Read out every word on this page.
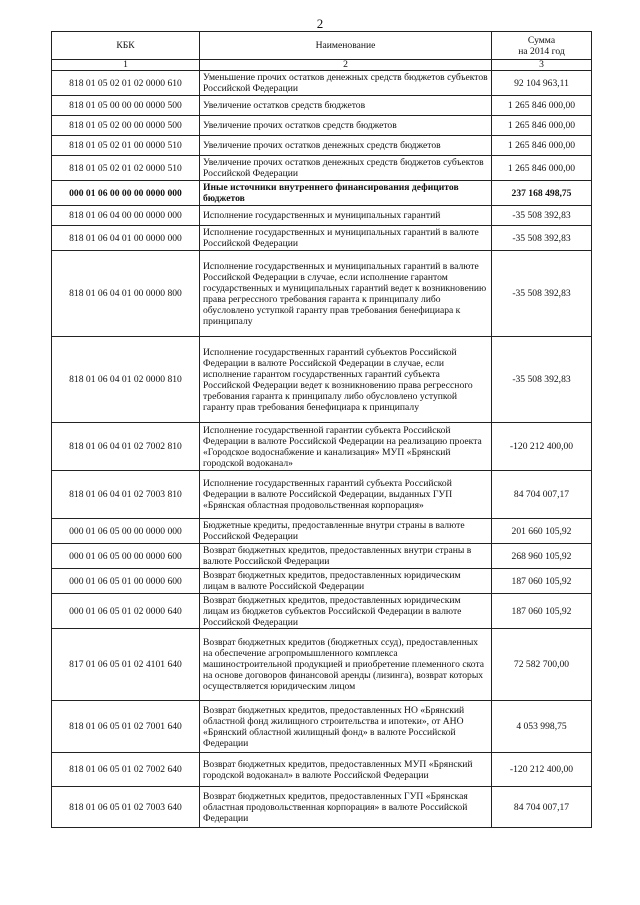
2
КБК	Наименование	Сумма
на 2014 год

1	2	3
818 01 05 02 01 02 0000 610	Уменьшение прочих остатков денежных средств бюджетов субъектов Российской Федерации	92 104 963,11
818 01 05 00 00 00 0000 500	Увеличение остатков средств бюджетов	1 265 846 000,00
818 01 05 02 00 00 0000 500	Увеличение прочих остатков средств бюджетов	1 265 846 000,00
818 01 05 02 01 00 0000 510	Увеличение прочих остатков денежных средств бюджетов	1 265 846 000,00
818 01 05 02 01 02 0000 510	Увеличение прочих остатков денежных средств бюджетов субъектов Российской Федерации	1 265 846 000,00
000 01 06 00 00 00 0000 000	Иные источники внутреннего финансирования дефицитов бюджетов	237 168 498,75
818 01 06 04 00 00 0000 000	Исполнение государственных и муниципальных гарантий	-35 508 392,83
818 01 06 04 01 00 0000 000	Исполнение государственных и муниципальных гарантий в валюте Российской Федерации	-35 508 392,83
818 01 06 04 01 00 0000 800	Исполнение государственных и муниципальных гарантий в валюте Российской Федерации в случае, если исполнение гарантом государственных и муниципальных гарантий ведет к возникновению права регрессного требования гаранта к принципалу либо обусловлено уступкой гаранту прав требования бенефициара к принципалу	-35 508 392,83
818 01 06 04 01 02 0000 810	Исполнение государственных гарантий субъектов Российской Федерации в валюте Российской Федерации в случае, если исполнение гарантом государственных гарантий субъекта Российской Федерации ведет к возникновению права регрессного требования гаранта к принципалу либо обусловлено уступкой гаранту прав требования бенефициара к принципалу	-35 508 392,83
818 01 06 04 01 02 7002 810	Исполнение государственной гарантии субъекта Российской Федерации в валюте Российской Федерации на реализацию проекта «Городское водоснабжение и канализация» МУП «Брянский городской водоканал»	-120 212 400,00
818 01 06 04 01 02 7003 810	Исполнение государственных гарантий субъекта Российской Федерации в валюте Российской Федерации, выданных ГУП «Брянская областная продовольственная корпорация»	84 704 007,17
000 01 06 05 00 00 0000 000	Бюджетные кредиты, предоставленные внутри страны в валюте Российской Федерации	201 660 105,92
000 01 06 05 00 00 0000 600	Возврат бюджетных кредитов, предоставленных внутри страны в валюте Российской Федерации	268 960 105,92
000 01 06 05 01 00 0000 600	Возврат бюджетных кредитов, предоставленных юридическим лицам в валюте Российской Федерации	187 060 105,92
000 01 06 05 01 02 0000 640	Возврат бюджетных кредитов, предоставленных юридическим лицам из бюджетов субъектов Российской Федерации в валюте Российской Федерации	187 060 105,92
817 01 06 05 01 02 4101 640	Возврат бюджетных кредитов (бюджетных ссуд), предоставленных на обеспечение агропромышленного комплекса машиностроительной продукцией и приобретение племенного скота на основе договоров финансовой аренды (лизинга), возврат которых осуществляется юридическим лицом	72 582 700,00
818 01 06 05 01 02 7001 640	Возврат бюджетных кредитов, предоставленных НО «Брянский областной фонд жилищного строительства и ипотеки», от АНО «Брянский областной жилищный фонд» в валюте Российской Федерации	4 053 998,75
818 01 06 05 01 02 7002 640	Возврат бюджетных кредитов, предоставленных МУП «Брянский городской водоканал» в валюте Российской Федерации	-120 212 400,00
818 01 06 05 01 02 7003 640	Возврат бюджетных кредитов, предоставленных ГУП «Брянская областная продовольственная корпорация» в валюте Российской Федерации	84 704 007,17
